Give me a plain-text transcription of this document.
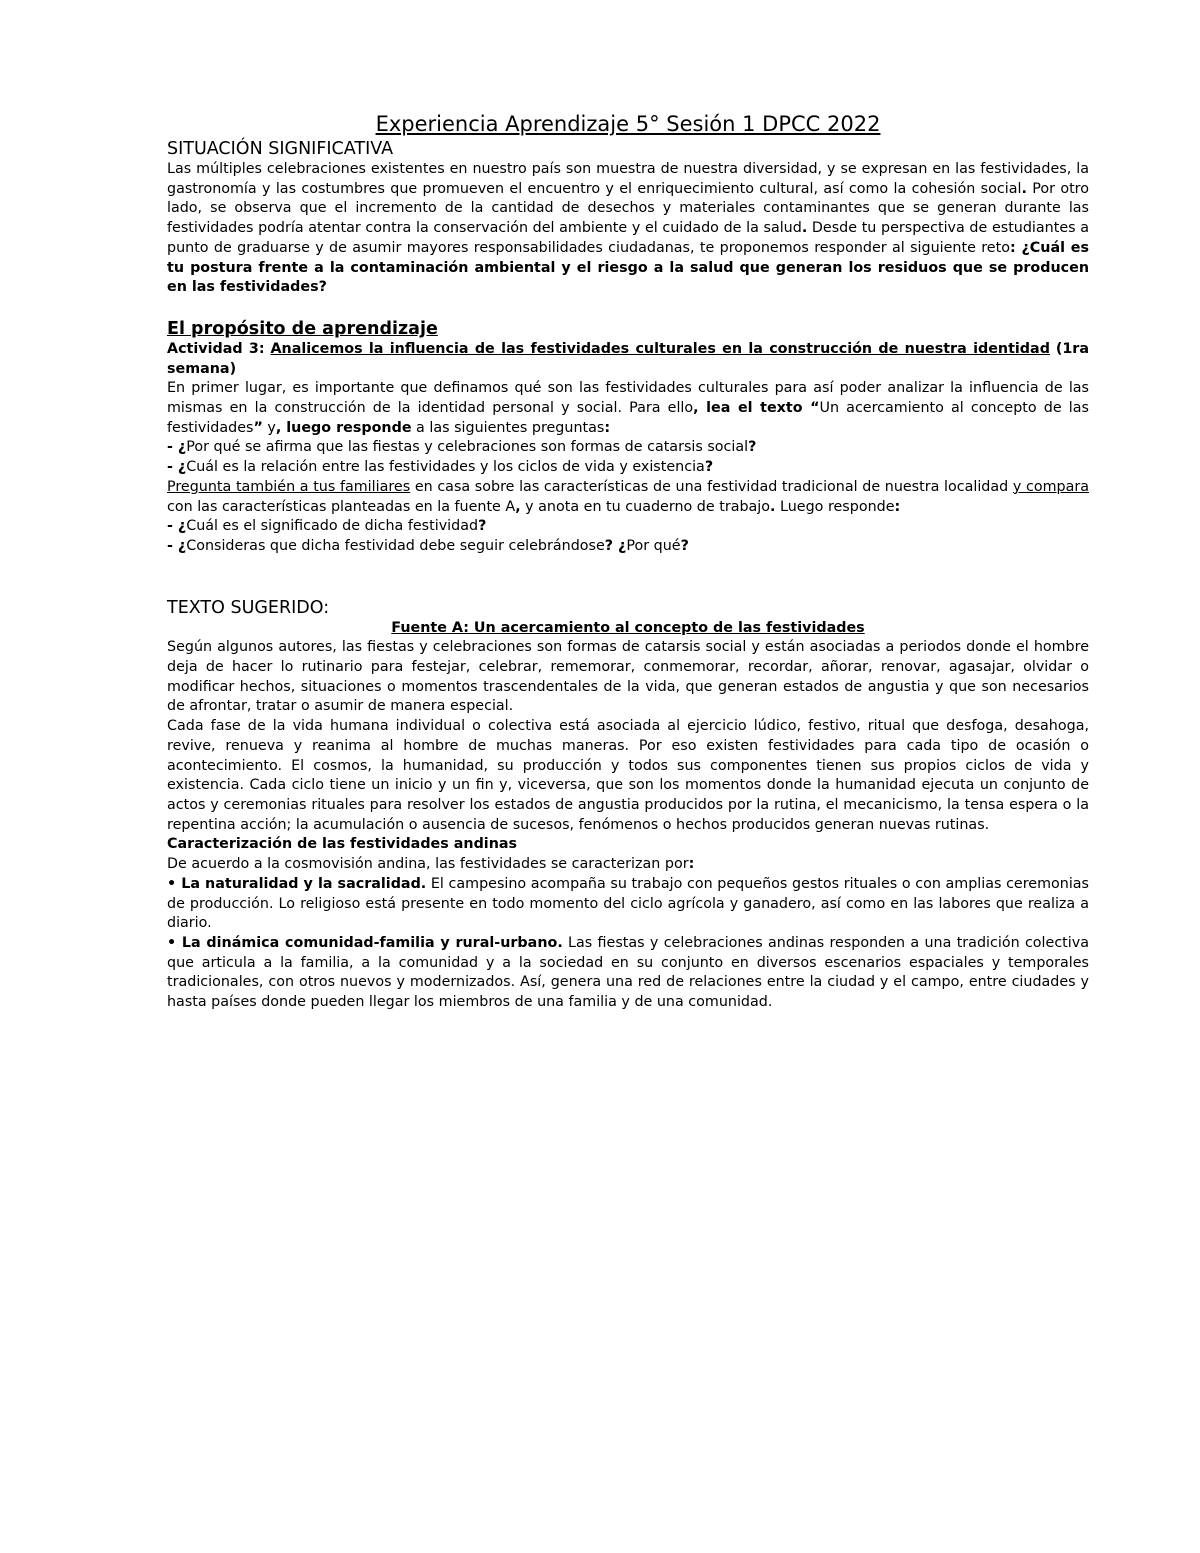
Experiencia Aprendizaje 5° Sesión 1 DPCC 2022
SITUACIÓN SIGNIFICATIVA

Las múltiples celebraciones existentes en nuestro país son muestra de nuestra diversidad, y se expresan en las festividades, la gastronomía y las costumbres que promueven el encuentro y el enriquecimiento cultural, así como la cohesión social. Por otro lado, se observa que el incremento de la cantidad de desechos y materiales contaminantes que se generan durante las festividades podría atentar contra la conservación del ambiente y el cuidado de la salud. Desde tu perspectiva de estudiantes a punto de graduarse y de asumir mayores responsabilidades ciudadanas, te proponemos responder al siguiente reto: ¿Cuál es tu postura frente a la contaminación ambiental y el riesgo a la salud que generan los residuos que se producen en las festividades?

El propósito de aprendizaje

Actividad 3: Analicemos la influencia de las festividades culturales en la construcción de nuestra identidad (1ra semana)

En primer lugar, es importante que definamos qué son las festividades culturales para así poder analizar la influencia de las mismas en la construcción de la identidad personal y social. Para ello, lea el texto “Un acercamiento al concepto de las festividades” y, luego responde a las siguientes preguntas:

- ¿Por qué se afirma que las fiestas y celebraciones son formas de catarsis social?

- ¿Cuál es la relación entre las festividades y los ciclos de vida y existencia?

Pregunta también a tus familiares en casa sobre las características de una festividad tradicional de nuestra localidad y compara con las características planteadas en la fuente A, y anota en tu cuaderno de trabajo. Luego responde:

- ¿Cuál es el significado de dicha festividad?

- ¿Consideras que dicha festividad debe seguir celebrándose? ¿Por qué?

TEXTO SUGERIDO:

Fuente A: Un acercamiento al concepto de las festividades

Según algunos autores, las fiestas y celebraciones son formas de catarsis social y están asociadas a periodos donde el hombre deja de hacer lo rutinario para festejar, celebrar, rememorar, conmemorar, recordar, añorar, renovar, agasajar, olvidar o modificar hechos, situaciones o momentos trascendentales de la vida, que generan estados de angustia y que son necesarios de afrontar, tratar o asumir de manera especial.

Cada fase de la vida humana individual o colectiva está asociada al ejercicio lúdico, festivo, ritual que desfoga, desahoga, revive, renueva y reanima al hombre de muchas maneras. Por eso existen festividades para cada tipo de ocasión o acontecimiento. El cosmos, la humanidad, su producción y todos sus componentes tienen sus propios ciclos de vida y existencia. Cada ciclo tiene un inicio y un fin y, viceversa, que son los momentos donde la humanidad ejecuta un conjunto de actos y ceremonias rituales para resolver los estados de angustia producidos por la rutina, el mecanicismo, la tensa espera o la repentina acción; la acumulación o ausencia de sucesos, fenómenos o hechos producidos generan nuevas rutinas.

Caracterización de las festividades andinas

De acuerdo a la cosmovisión andina, las festividades se caracterizan por:

• La naturalidad y la sacralidad. El campesino acompaña su trabajo con pequeños gestos rituales o con amplias ceremonias de producción. Lo religioso está presente en todo momento del ciclo agrícola y ganadero, así como en las labores que realiza a diario.

• La dinámica comunidad-familia y rural-urbano. Las fiestas y celebraciones andinas responden a una tradición colectiva que articula a la familia, a la comunidad y a la sociedad en su conjunto en diversos escenarios espaciales y temporales tradicionales, con otros nuevos y modernizados. Así, genera una red de relaciones entre la ciudad y el campo, entre ciudades y hasta países donde pueden llegar los miembros de una familia y de una comunidad.
